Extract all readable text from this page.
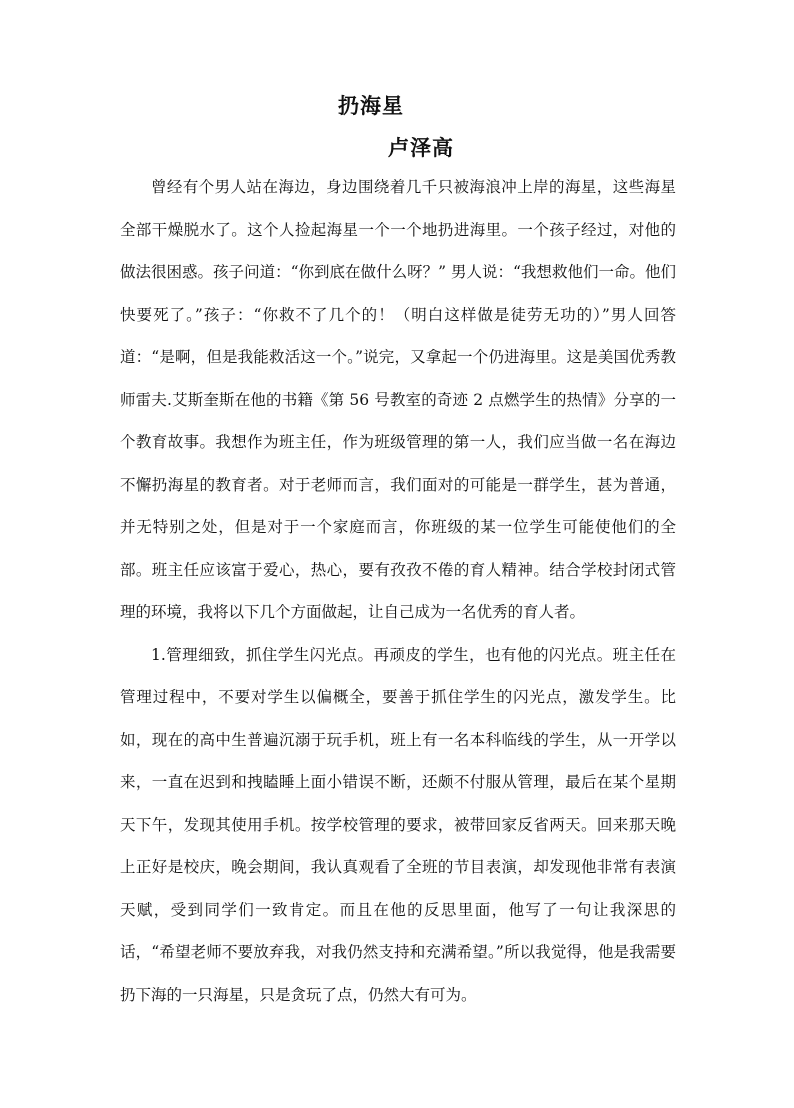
扔海星
卢泽高

曾经有个男人站在海边，身边围绕着几千只被海浪冲上岸的海星，这些海星全部干燥脱水了。这个人捡起海星一个一个地扔进海里。一个孩子经过，对他的做法很困惑。孩子问道：“你到底在做什么呀？” 男人说：“我想救他们一命。他们快要死了。”孩子：“你救不了几个的！（明白这样做是徒劳无功的）”男人回答道：“是啊，但是我能救活这一个。”说完，又拿起一个仍进海里。这是美国优秀教师雷夫.艾斯奎斯在他的书籍《第 56 号教室的奇迹 2 点燃学生的热情》分享的一个教育故事。我想作为班主任，作为班级管理的第一人，我们应当做一名在海边不懈扔海星的教育者。对于老师而言，我们面对的可能是一群学生，甚为普通，并无特别之处，但是对于一个家庭而言，你班级的某一位学生可能使他们的全部。班主任应该富于爱心，热心，要有孜孜不倦的育人精神。结合学校封闭式管理的环境，我将以下几个方面做起，让自己成为一名优秀的育人者。

1.管理细致，抓住学生闪光点。再顽皮的学生，也有他的闪光点。班主任在管理过程中，不要对学生以偏概全，要善于抓住学生的闪光点，激发学生。比如，现在的高中生普遍沉溺于玩手机，班上有一名本科临线的学生，从一开学以来，一直在迟到和拽瞌睡上面小错误不断，还颇不付服从管理，最后在某个星期天下午，发现其使用手机。按学校管理的要求，被带回家反省两天。回来那天晚上正好是校庆，晚会期间，我认真观看了全班的节目表演，却发现他非常有表演天赋，受到同学们一致肯定。而且在他的反思里面，他写了一句让我深思的话，“希望老师不要放弃我，对我仍然支持和充满希望。”所以我觉得，他是我需要扔下海的一只海星，只是贪玩了点，仍然大有可为。
